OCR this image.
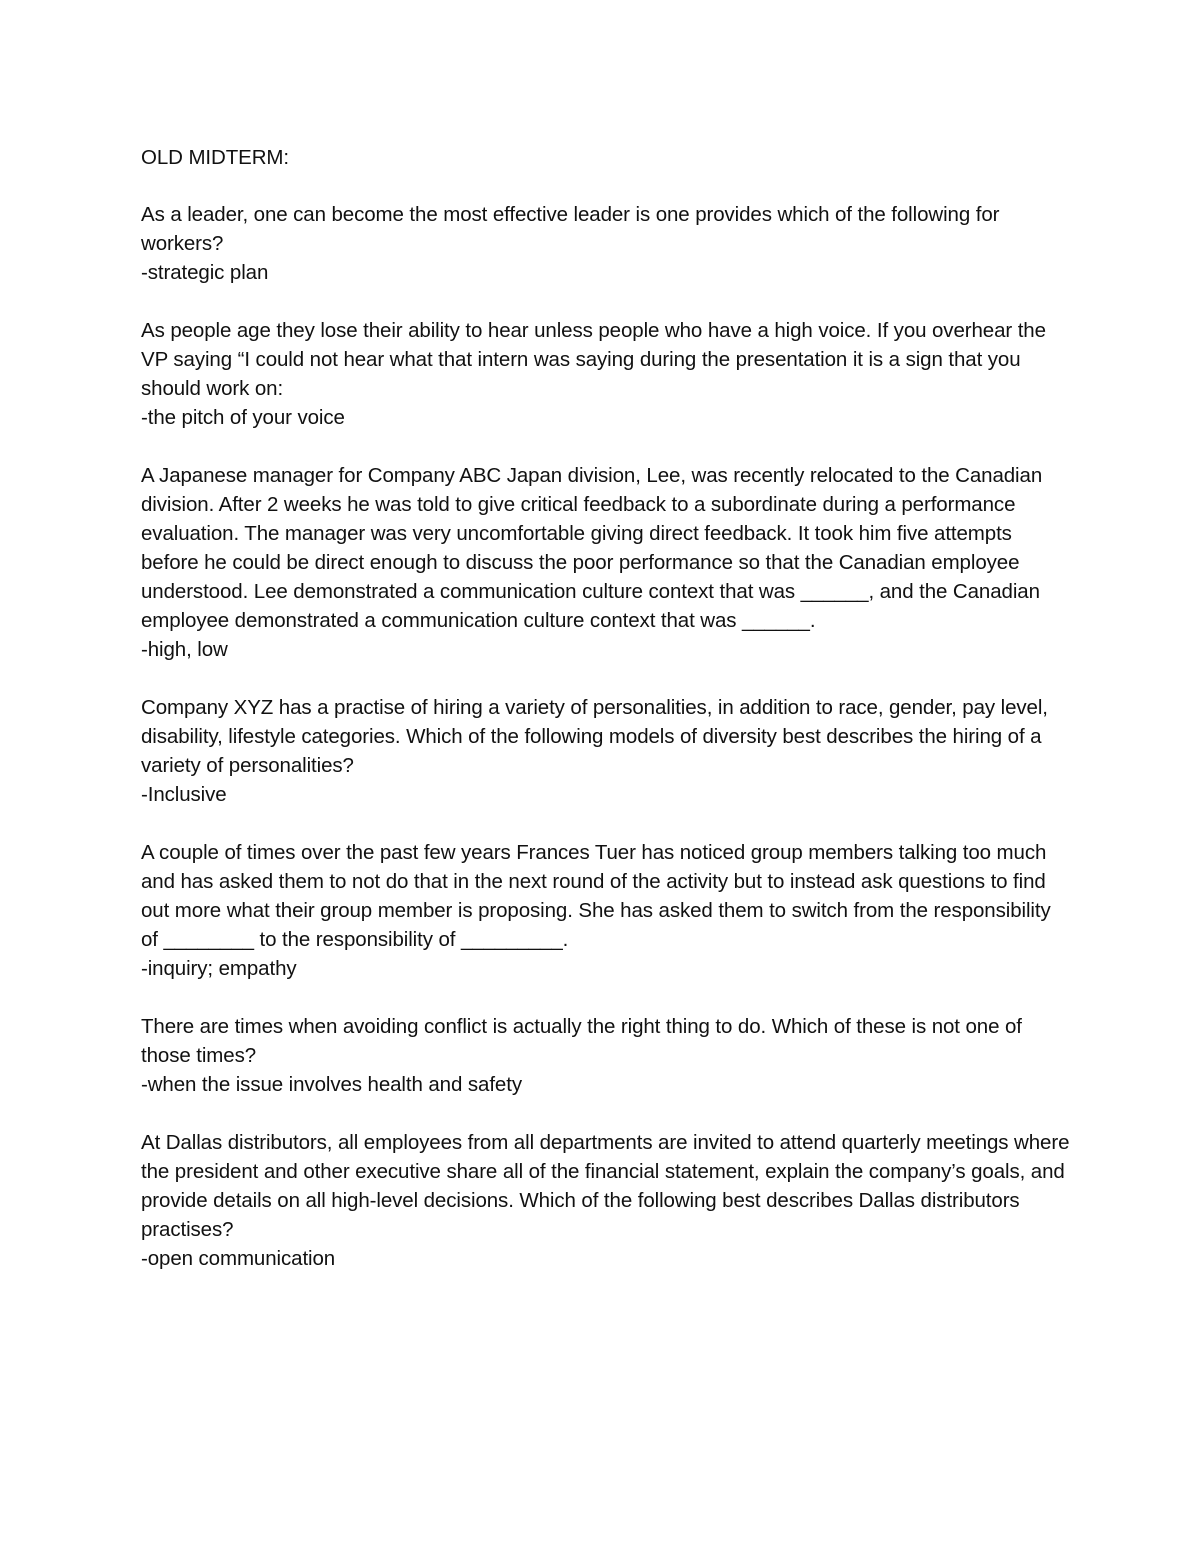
OLD MIDTERM:

As a leader, one can become the most effective leader is one provides which of the following for workers?

-strategic plan

As people age they lose their ability to hear unless people who have a high voice. If you overhear the VP saying “I could not hear what that intern was saying during the presentation it is a sign that you should work on:

-the pitch of your voice

A Japanese manager for Company ABC Japan division, Lee, was recently relocated to the Canadian division. After 2 weeks he was told to give critical feedback to a subordinate during a performance evaluation. The manager was very uncomfortable giving direct feedback. It took him five attempts before he could be direct enough to discuss the poor performance so that the Canadian employee understood. Lee demonstrated a communication culture context that was ______, and the Canadian employee demonstrated a communication culture context that was ______.

-high, low

Company XYZ has a practise of hiring a variety of personalities, in addition to race, gender, pay level, disability, lifestyle categories. Which of the following models of diversity best describes the hiring of a variety of personalities?

-Inclusive

A couple of times over the past few years Frances Tuer has noticed group members talking too much and has asked them to not do that in the next round of the activity but to instead ask questions to find out more what their group member is proposing. She has asked them to switch from the responsibility of ________ to the responsibility of _________.

-inquiry; empathy

There are times when avoiding conflict is actually the right thing to do. Which of these is not one of those times?

-when the issue involves health and safety

At Dallas distributors, all employees from all departments are invited to attend quarterly meetings where the president and other executive share all of the financial statement, explain the company’s goals, and provide details on all high-level decisions. Which of the following best describes Dallas distributors practises?

-open communication
